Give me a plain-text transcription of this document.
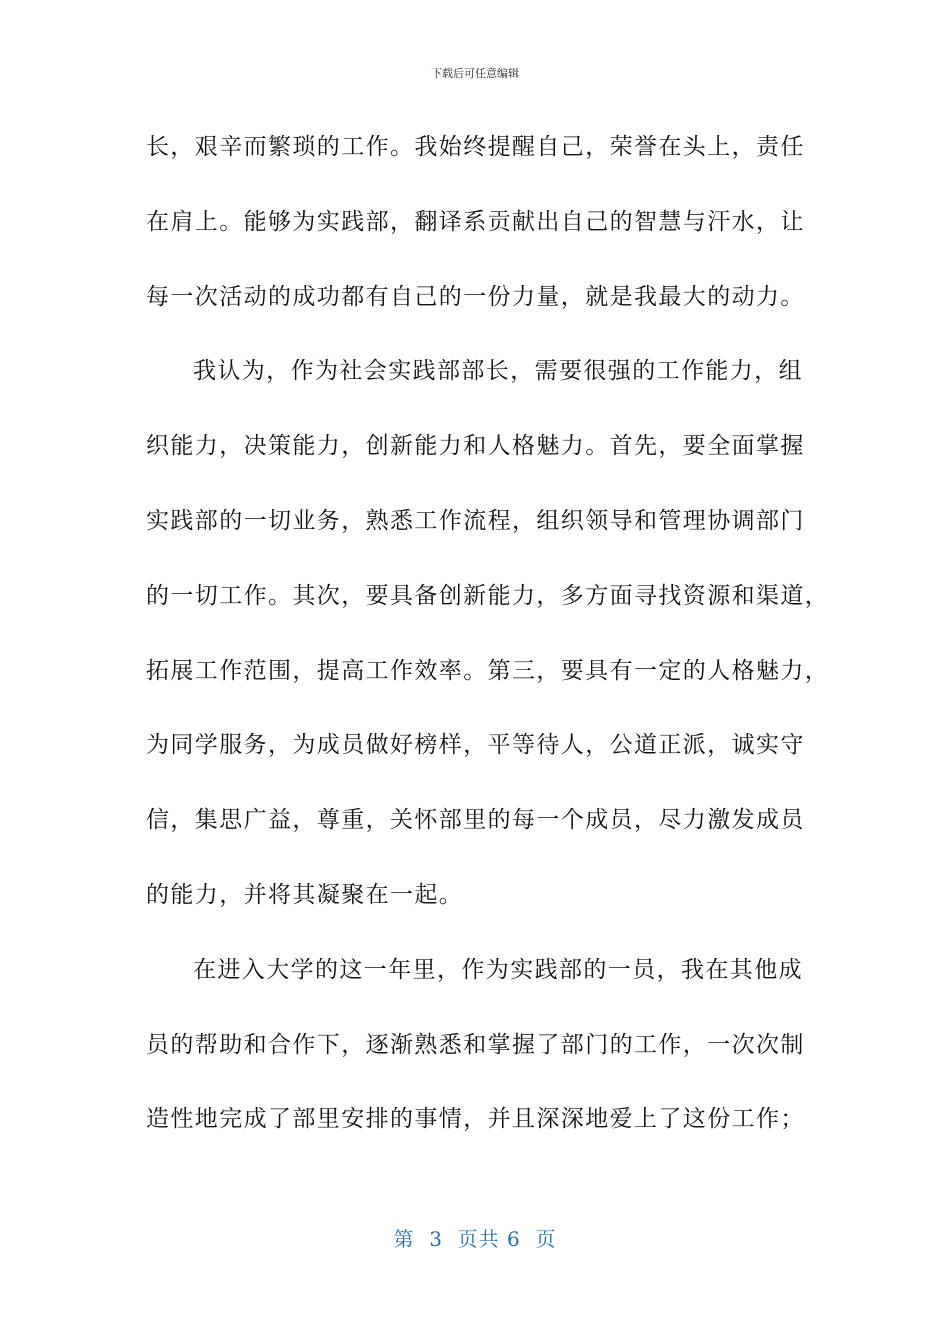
下载后可任意编辑
长，艰辛而繁琐的工作。我始终提醒自己，荣誉在头上，责任
在肩上。能够为实践部，翻译系贡献出自己的智慧与汗水，让
每一次活动的成功都有自己的一份力量，就是我最大的动力。
我认为，作为社会实践部部长，需要很强的工作能力，组
织能力，决策能力，创新能力和人格魅力。首先，要全面掌握
实践部的一切业务，熟悉工作流程，组织领导和管理协调部门
的一切工作。其次，要具备创新能力，多方面寻找资源和渠道，
拓展工作范围，提高工作效率。第三，要具有一定的人格魅力，
为同学服务，为成员做好榜样，平等待人，公道正派，诚实守
信，集思广益，尊重，关怀部里的每一个成员，尽力激发成员
的能力，并将其凝聚在一起。
在进入大学的这一年里，作为实践部的一员，我在其他成
员的帮助和合作下，逐渐熟悉和掌握了部门的工作，一次次制
造性地完成了部里安排的事情，并且深深地爱上了这份工作；
第  3  页共 6  页
